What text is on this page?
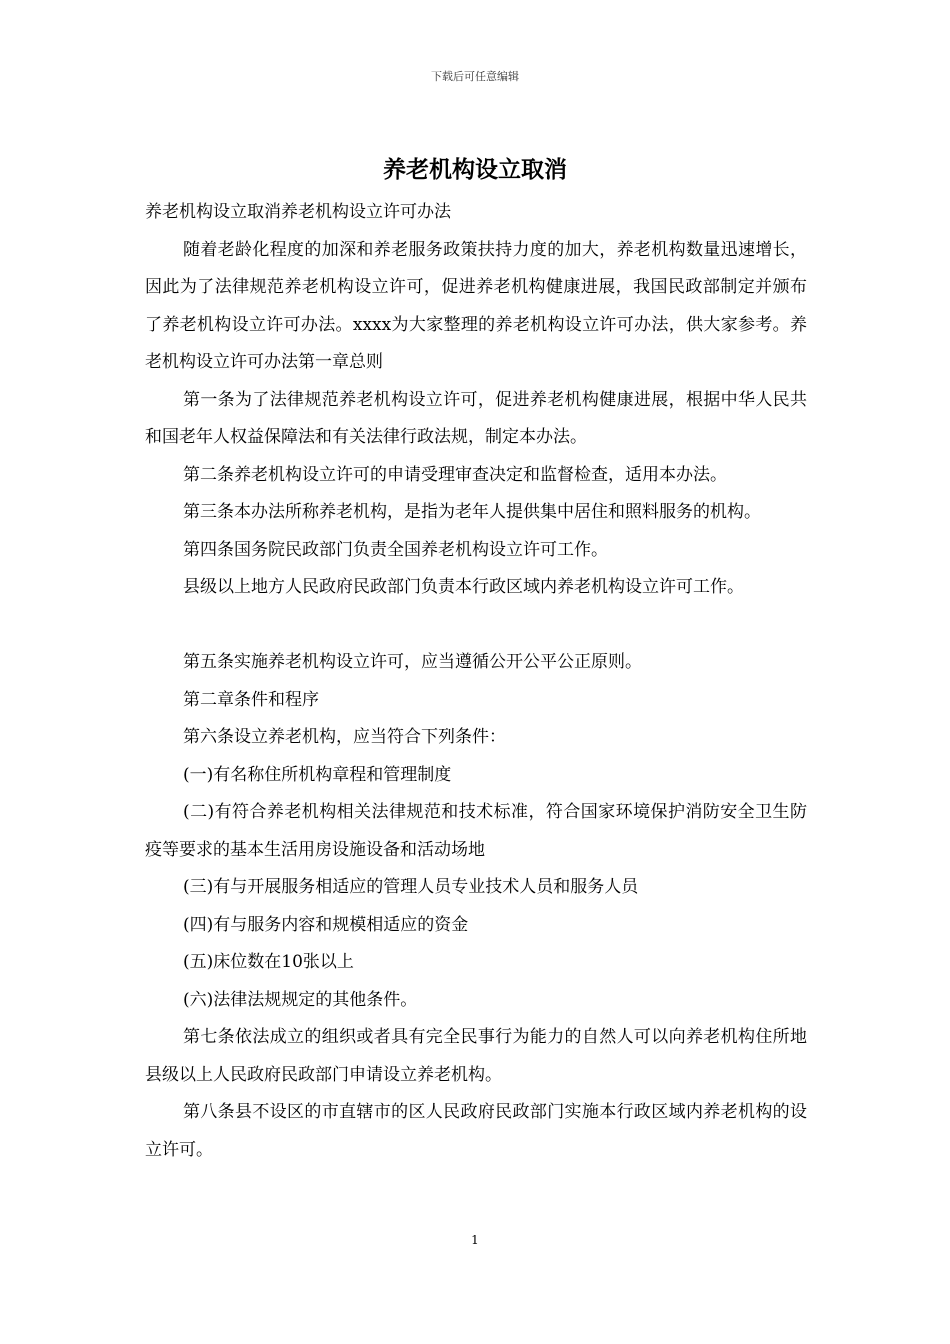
下载后可任意编辑
养老机构设立取消

养老机构设立取消养老机构设立许可办法

随着老龄化程度的加深和养老服务政策扶持力度的加大，养老机构数量迅速增长，因此为了法律规范养老机构设立许可，促进养老机构健康进展，我国民政部制定并颁布了养老机构设立许可办法。xxxx为大家整理的养老机构设立许可办法，供大家参考。养老机构设立许可办法第一章总则

第一条为了法律规范养老机构设立许可，促进养老机构健康进展，根据中华人民共和国老年人权益保障法和有关法律行政法规，制定本办法。

第二条养老机构设立许可的申请受理审查决定和监督检查，适用本办法。

第三条本办法所称养老机构，是指为老年人提供集中居住和照料服务的机构。

第四条国务院民政部门负责全国养老机构设立许可工作。

县级以上地方人民政府民政部门负责本行政区域内养老机构设立许可工作。

第五条实施养老机构设立许可，应当遵循公开公平公正原则。

第二章条件和程序

第六条设立养老机构，应当符合下列条件：

(一)有名称住所机构章程和管理制度

(二)有符合养老机构相关法律规范和技术标准，符合国家环境保护消防安全卫生防疫等要求的基本生活用房设施设备和活动场地

(三)有与开展服务相适应的管理人员专业技术人员和服务人员

(四)有与服务内容和规模相适应的资金

(五)床位数在10张以上

(六)法律法规规定的其他条件。

第七条依法成立的组织或者具有完全民事行为能力的自然人可以向养老机构住所地县级以上人民政府民政部门申请设立养老机构。

第八条县不设区的市直辖市的区人民政府民政部门实施本行政区域内养老机构的设立许可。

1
